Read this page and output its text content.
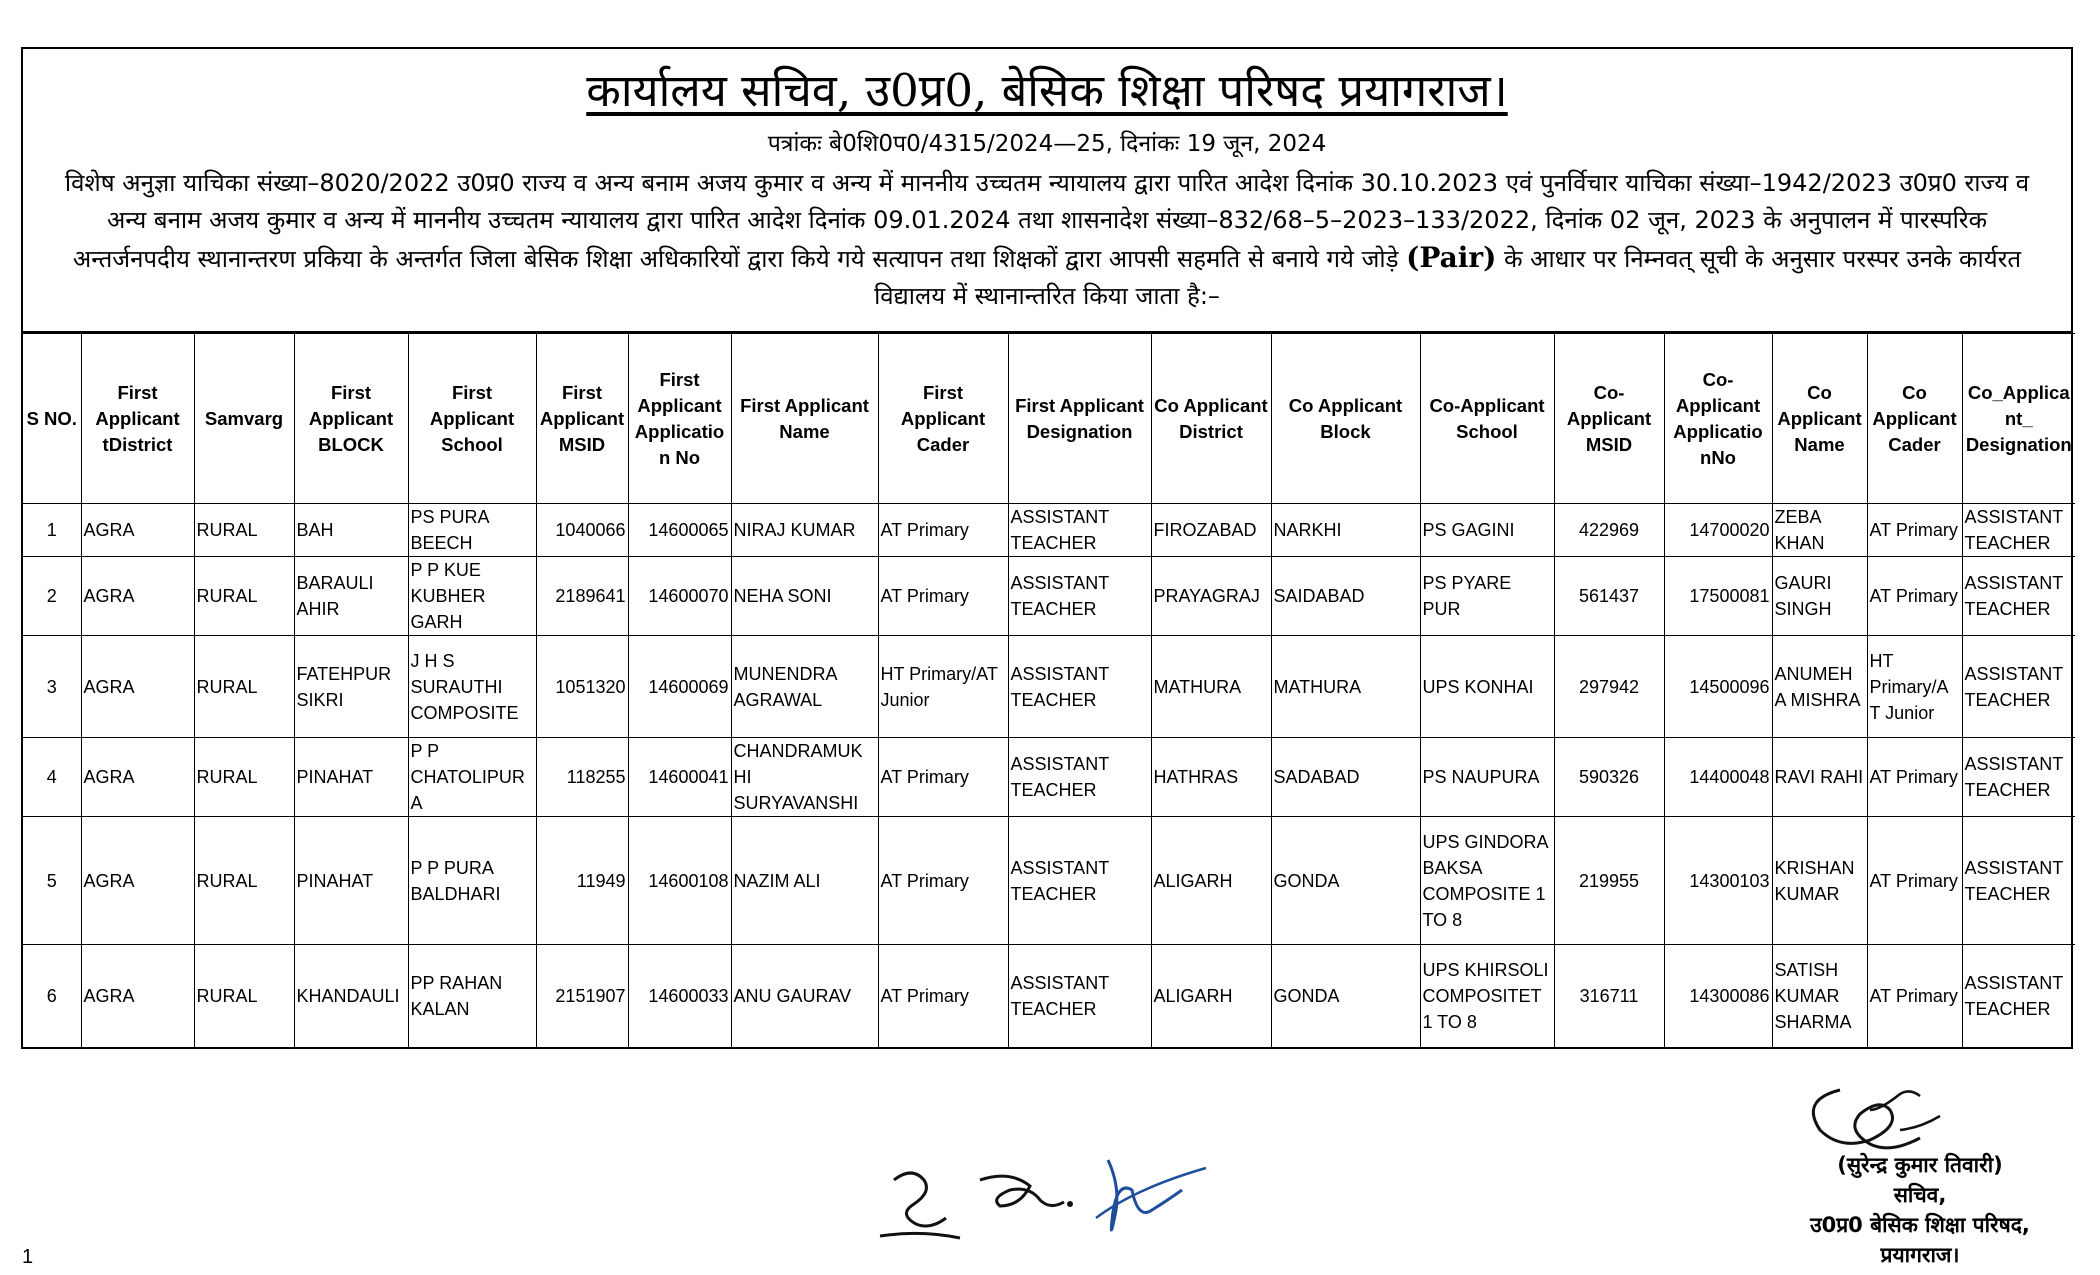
कार्यालय सचिव, उ0प्र0, बेसिक शिक्षा परिषद प्रयागराज।
पत्रांकः बे0शि0प0/4315/2024—25, दिनांकः 19 जून, 2024
विशेष अनुज्ञा याचिका संख्या–8020/2022 उ0प्र0 राज्य व अन्य बनाम अजय कुमार व अन्य में माननीय उच्चतम न्यायालय द्वारा पारित आदेश दिनांक 30.10.2023 एवं पुनर्विचार याचिका संख्या–1942/2023 उ0प्र0 राज्य व अन्य बनाम अजय कुमार व अन्य में माननीय उच्चतम न्यायालय द्वारा पारित आदेश दिनांक 09.01.2024 तथा शासनादेश संख्या–832/68–5–2023–133/2022, दिनांक 02 जून, 2023 के अनुपालन में पारस्परिक अन्तर्जनपदीय स्थानान्तरण प्रकिया के अन्तर्गत जिला बेसिक शिक्षा अधिकारियों द्वारा किये गये सत्यापन तथा शिक्षकों द्वारा आपसी सहमति से बनाये गये जोड़े (Pair) के आधार पर निम्नवत् सूची के अनुसार परस्पर उनके कार्यरत विद्यालय में स्थानान्तरित किया जाता है:–
S NO.	First Applicant tDistrict	Samvarg	First Applicant BLOCK	First Applicant School	First Applicant MSID	First Applicant Applicatio n No	First Applicant Name	First Applicant Cader	First Applicant Designation	Co Applicant District	Co Applicant Block	Co-Applicant School	Co- Applicant MSID	Co- Applicant Applicatio nNo	Co Applicant Name	Co Applicant Cader	Co_Applica nt_ Designation
1	AGRA	RURAL	BAH	PS PURA BEECH	1040066	14600065	NIRAJ KUMAR	AT Primary	ASSISTANT TEACHER	FIROZABAD	NARKHI	PS GAGINI	422969	14700020	ZEBA KHAN	AT Primary	ASSISTANT TEACHER
2	AGRA	RURAL	BARAULI AHIR	P P KUE KUBHER GARH	2189641	14600070	NEHA SONI	AT Primary	ASSISTANT TEACHER	PRAYAGRAJ	SAIDABAD	PS PYARE PUR	561437	17500081	GAURI SINGH	AT Primary	ASSISTANT TEACHER
3	AGRA	RURAL	FATEHPUR SIKRI	J H S SURAUTHI COMPOSITE	1051320	14600069	MUNENDRA AGRAWAL	HT Primary/AT Junior	ASSISTANT TEACHER	MATHURA	MATHURA	UPS KONHAI	297942	14500096	ANUMEH A MISHRA	HT Primary/A T Junior	ASSISTANT TEACHER
4	AGRA	RURAL	PINAHAT	P P CHATOLIPUR A	118255	14600041	CHANDRAMUK HI SURYAVANSHI	AT Primary	ASSISTANT TEACHER	HATHRAS	SADABAD	PS NAUPURA	590326	14400048	RAVI RAHI	AT Primary	ASSISTANT TEACHER
5	AGRA	RURAL	PINAHAT	P P PURA BALDHARI	11949	14600108	NAZIM ALI	AT Primary	ASSISTANT TEACHER	ALIGARH	GONDA	UPS GINDORA BAKSA COMPOSITE 1 TO 8	219955	14300103	KRISHAN KUMAR	AT Primary	ASSISTANT TEACHER
6	AGRA	RURAL	KHANDAULI	PP RAHAN KALAN	2151907	14600033	ANU GAURAV	AT Primary	ASSISTANT TEACHER	ALIGARH	GONDA	UPS KHIRSOLI COMPOSITET 1 TO 8	316711	14300086	SATISH KUMAR SHARMA	AT Primary	ASSISTANT TEACHER
(सुरेन्द्र कुमार तिवारी)
सचिव,
उ0प्र0 बेसिक शिक्षा परिषद,
प्रयागराज।
1
